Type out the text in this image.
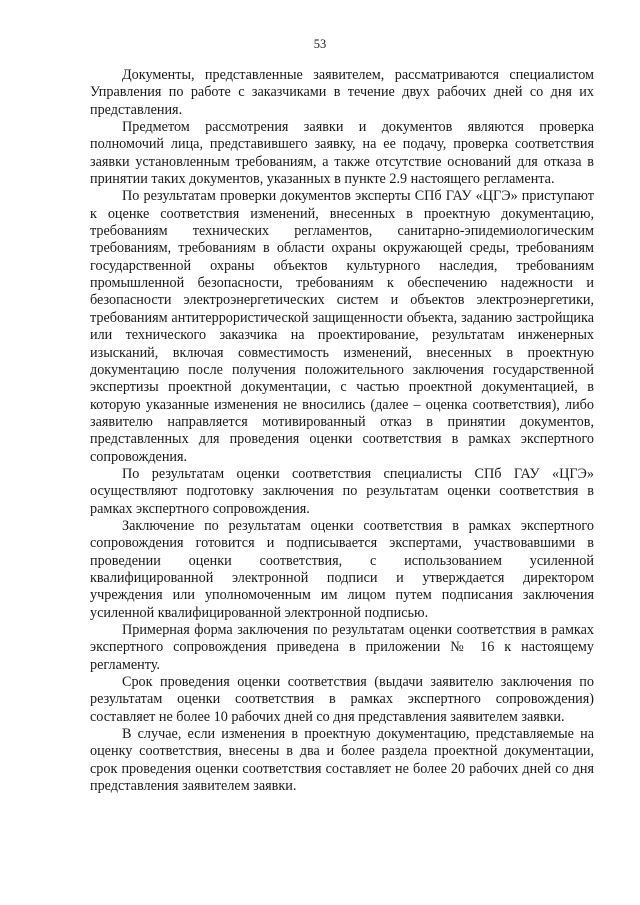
53

Документы, представленные заявителем, рассматриваются специалистом Управления по работе с заказчиками в течение двух рабочих дней со дня их представления.

Предметом рассмотрения заявки и документов являются проверка полномочий лица, представившего заявку, на ее подачу, проверка соответствия заявки установленным требованиям, а также отсутствие оснований для отказа в принятии таких документов, указанных в пункте 2.9 настоящего регламента.

По результатам проверки документов эксперты СПб ГАУ «ЦГЭ» приступают к оценке соответствия изменений, внесенных в проектную документацию, требованиям технических регламентов, санитарно-эпидемиологическим требованиям, требованиям в области охраны окружающей среды, требованиям государственной охраны объектов культурного наследия, требованиям промышленной безопасности, требованиям к обеспечению надежности и безопасности электроэнергетических систем и объектов электроэнергетики, требованиям антитеррористической защищенности объекта, заданию застройщика или технического заказчика на проектирование, результатам инженерных изысканий, включая совместимость изменений, внесенных в проектную документацию после получения положительного заключения государственной экспертизы проектной документации, с частью проектной документацией, в которую указанные изменения не вносились (далее – оценка соответствия), либо заявителю направляется мотивированный отказ в принятии документов, представленных для проведения оценки соответствия в рамках экспертного сопровождения.

По результатам оценки соответствия специалисты СПб ГАУ «ЦГЭ» осуществляют подготовку заключения по результатам оценки соответствия в рамках экспертного сопровождения.

Заключение по результатам оценки соответствия в рамках экспертного сопровождения готовится и подписывается экспертами, участвовавшими в проведении оценки соответствия, с использованием усиленной квалифицированной электронной подписи и утверждается директором учреждения или уполномоченным им лицом путем подписания заключения усиленной квалифицированной электронной подписью.

Примерная форма заключения по результатам оценки соответствия в рамках экспертного сопровождения приведена в приложении № 16 к настоящему регламенту.

Срок проведения оценки соответствия (выдачи заявителю заключения по результатам оценки соответствия в рамках экспертного сопровождения) составляет не более 10 рабочих дней со дня представления заявителем заявки.

В случае, если изменения в проектную документацию, представляемые на оценку соответствия, внесены в два и более раздела проектной документации, срок проведения оценки соответствия составляет не более 20 рабочих дней со дня представления заявителем заявки.
